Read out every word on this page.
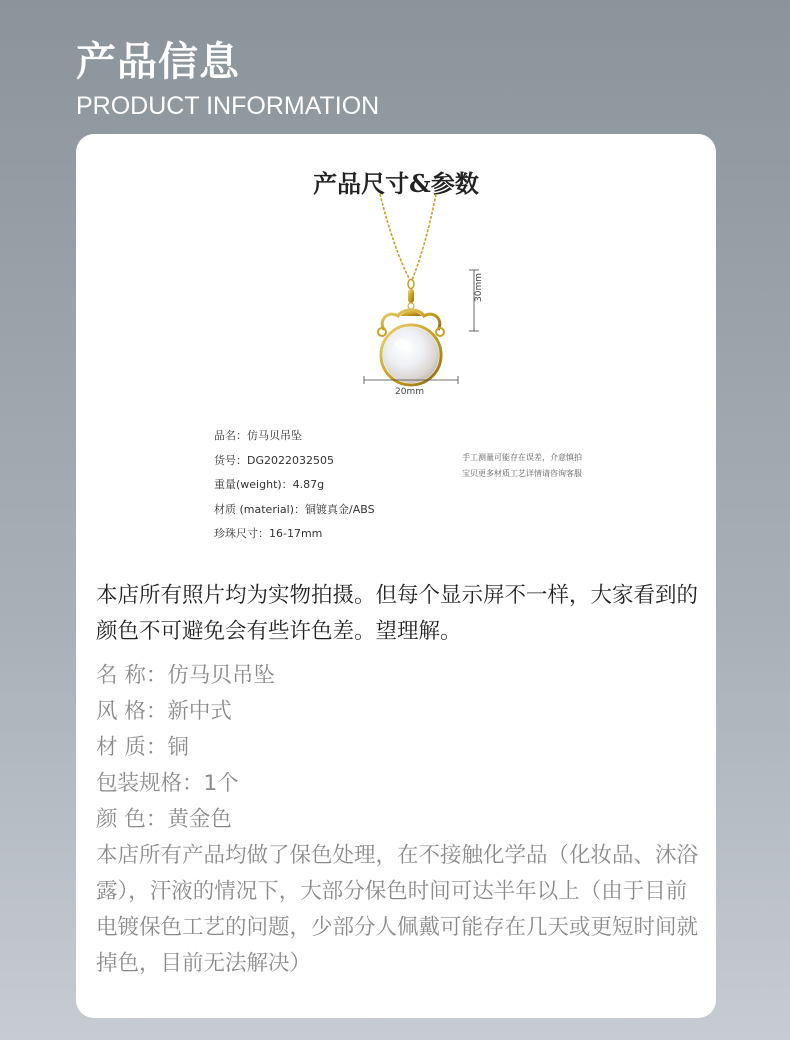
产品信息
PRODUCT INFORMATION
产品尺寸&参数
30mm
20mm
品名：仿马贝吊坠
货号：DG2022032505
重量(weight)：4.87g
材质 (material)：铜镀真金/ABS
珍珠尺寸：16-17mm
手工测量可能存在误差，介意慎拍
宝贝更多材质工艺详情请咨询客服
本店所有照片均为实物拍摄。但每个显示屏不一样，大家看到的颜色不可避免会有些许色差。望理解。
名 称：仿马贝吊坠
风 格：新中式
材 质：铜
包装规格：1个
颜 色：黄金色
本店所有产品均做了保色处理，在不接触化学品（化妆品、沐浴露），汗液的情况下，大部分保色时间可达半年以上（由于目前电镀保色工艺的问题，少部分人佩戴可能存在几天或更短时间就掉色，目前无法解决）
